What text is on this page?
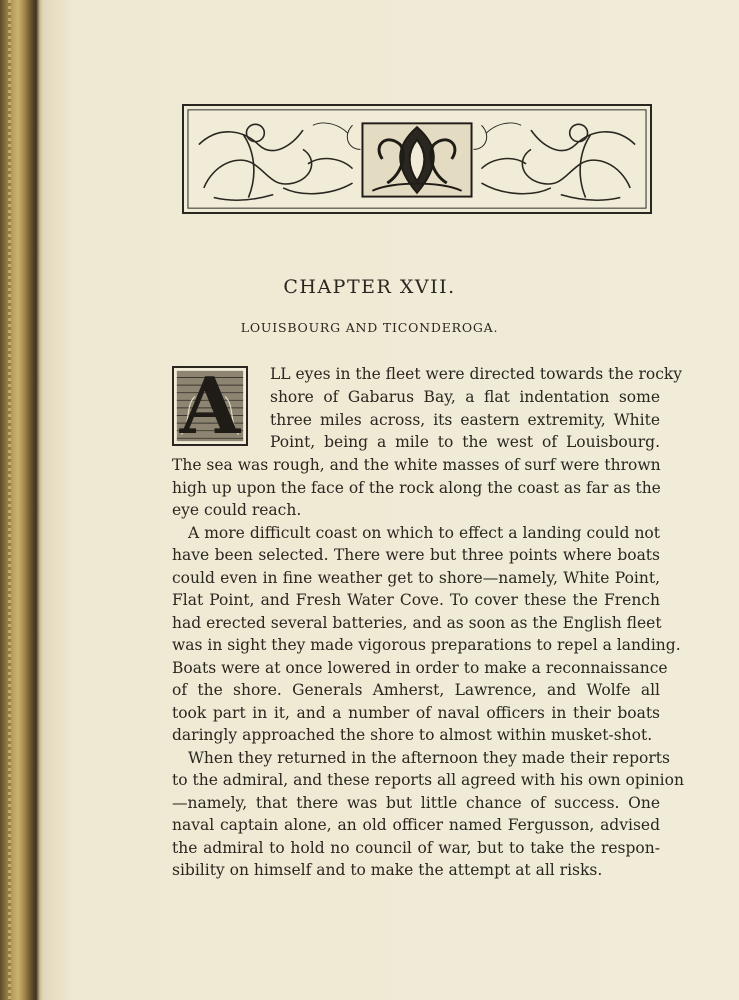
CHAPTER XVII.
LOUISBOURG AND TICONDEROGA.
A	LL eyes in the fleet were directed towards the rocky
shore of Gabarus Bay, a flat indentation some
three miles across, its eastern extremity, White
Point, being a mile to the west of Louisbourg.
The sea was rough, and the white masses of surf were thrown
high up upon the face of the rock along the coast as far as the
eye could reach.
A more difficult coast on which to effect a landing could not
have been selected. There were but three points where boats
could even in fine weather get to shore—namely, White Point,
Flat Point, and Fresh Water Cove. To cover these the French
had erected several batteries, and as soon as the English fleet
was in sight they made vigorous preparations to repel a landing.
Boats were at once lowered in order to make a reconnaissance
of the shore. Generals Amherst, Lawrence, and Wolfe all
took part in it, and a number of naval officers in their boats
daringly approached the shore to almost within musket-shot.
When they returned in the afternoon they made their reports
to the admiral, and these reports all agreed with his own opinion
—namely, that there was but little chance of success. One
naval captain alone, an old officer named Fergusson, advised
the admiral to hold no council of war, but to take the respon-
sibility on himself and to make the attempt at all risks.
